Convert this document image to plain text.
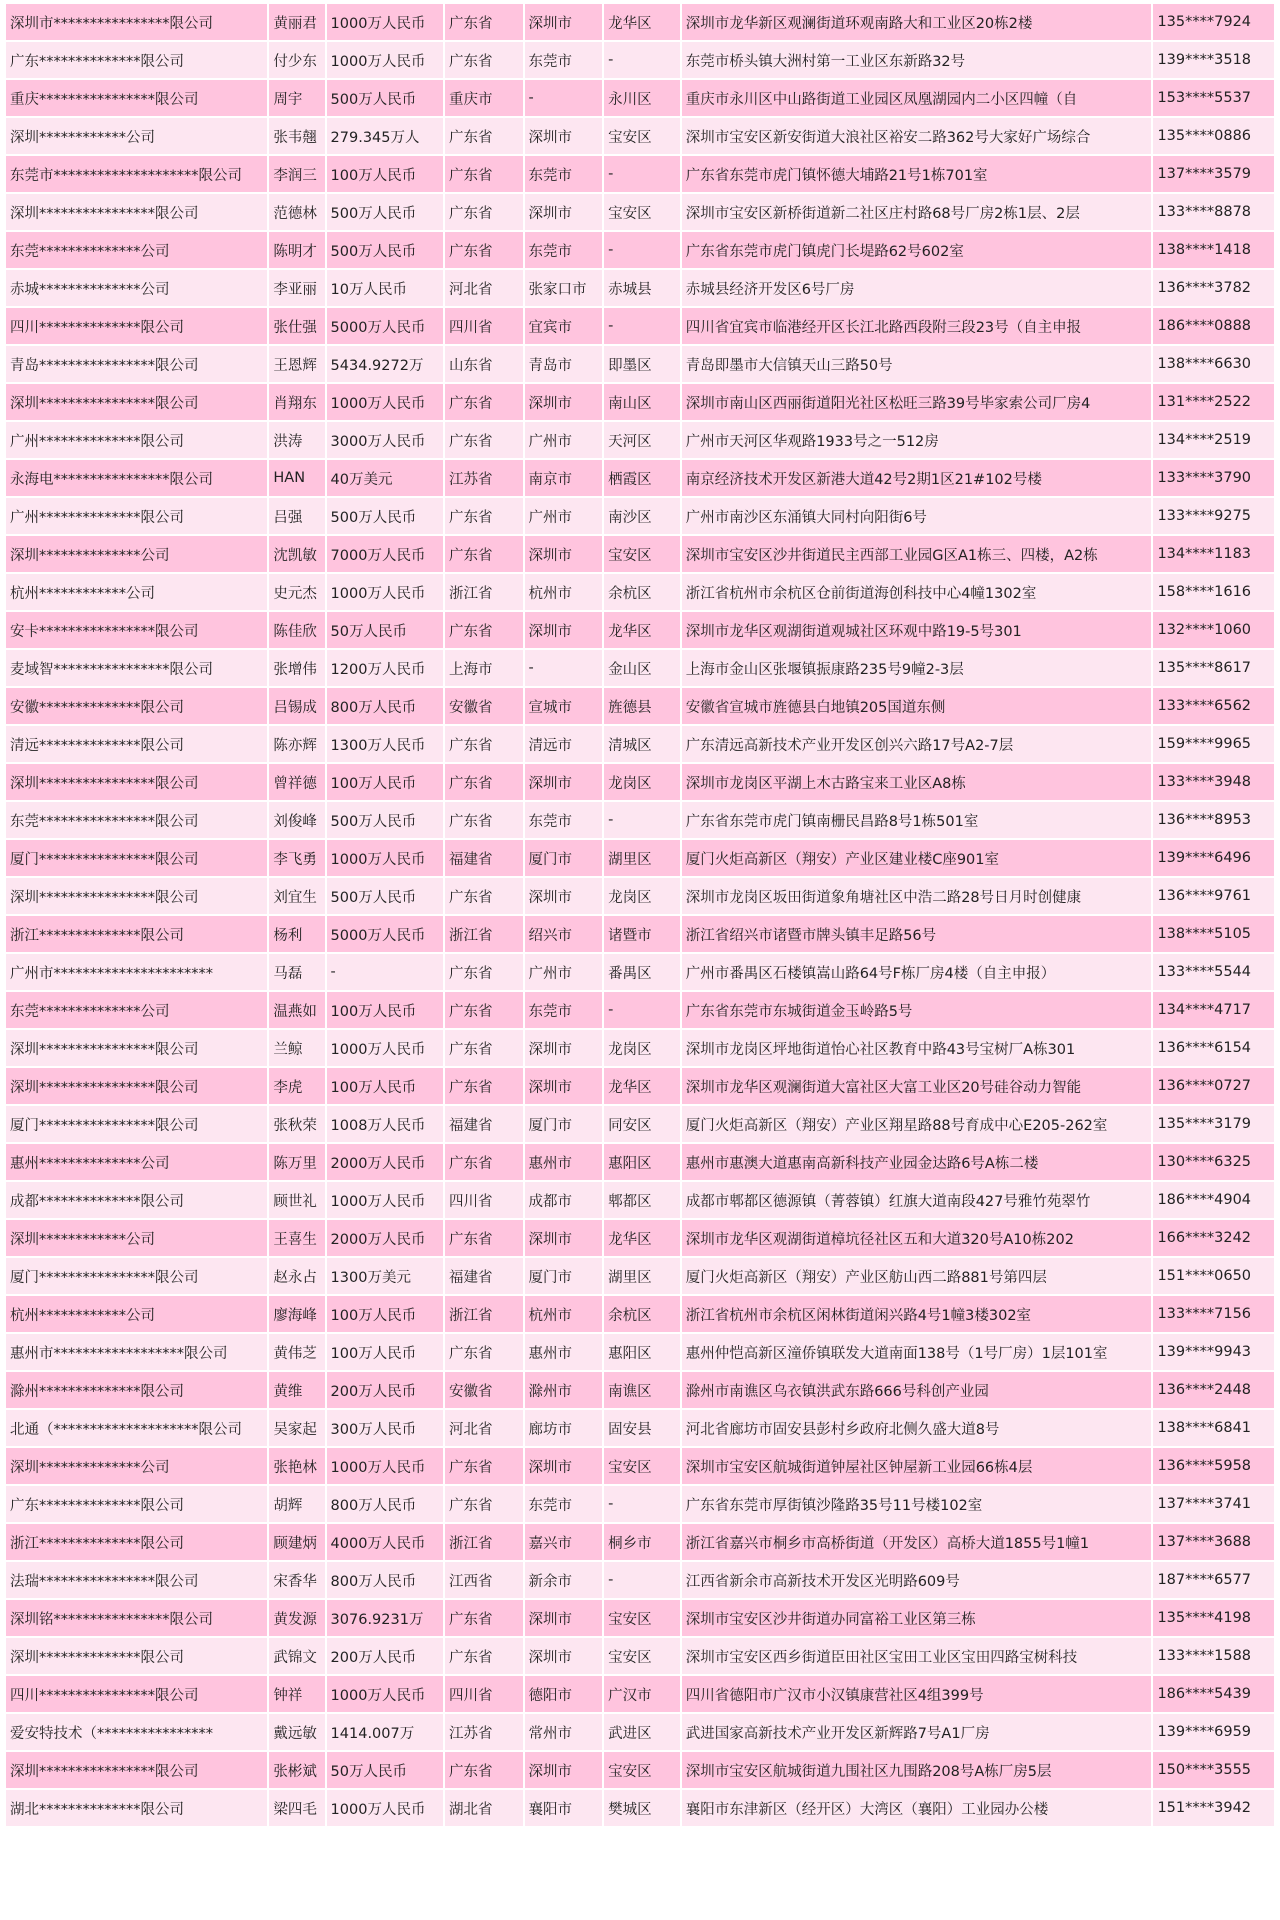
深圳市****************限公司	黄丽君	1000万人民币	广东省	深圳市	龙华区	深圳市龙华新区观澜街道环观南路大和工业区20栋2楼	135****7924
广东**************限公司	付少东	1000万人民币	广东省	东莞市	-	东莞市桥头镇大洲村第一工业区东新路32号	139****3518
重庆****************限公司	周宇	500万人民币	重庆市	-	永川区	重庆市永川区中山路街道工业园区凤凰湖园内二小区四幢（自	153****5537
深圳************公司	张韦翹	279.345万人	广东省	深圳市	宝安区	深圳市宝安区新安街道大浪社区裕安二路362号大家好广场综合	135****0886
东莞市********************限公司	李润三	100万人民币	广东省	东莞市	-	广东省东莞市虎门镇怀德大埔路21号1栋701室	137****3579
深圳****************限公司	范德林	500万人民币	广东省	深圳市	宝安区	深圳市宝安区新桥街道新二社区庄村路68号厂房2栋1层、2层	133****8878
东莞**************公司	陈明才	500万人民币	广东省	东莞市	-	广东省东莞市虎门镇虎门长堤路62号602室	138****1418
赤城**************公司	李亚丽	10万人民币	河北省	张家口市	赤城县	赤城县经济开发区6号厂房	136****3782
四川**************限公司	张仕强	5000万人民币	四川省	宜宾市	-	四川省宜宾市临港经开区长江北路西段附三段23号（自主申报	186****0888
青岛****************限公司	王恩辉	5434.9272万	山东省	青岛市	即墨区	青岛即墨市大信镇天山三路50号	138****6630
深圳****************限公司	肖翔东	1000万人民币	广东省	深圳市	南山区	深圳市南山区西丽街道阳光社区松旺三路39号毕家索公司厂房4	131****2522
广州**************限公司	洪涛	3000万人民币	广东省	广州市	天河区	广州市天河区华观路1933号之一512房	134****2519
永海电****************限公司	HAN	40万美元	江苏省	南京市	栖霞区	南京经济技术开发区新港大道42号2期1区21#102号楼	133****3790
广州**************限公司	吕强	500万人民币	广东省	广州市	南沙区	广州市南沙区东涌镇大同村向阳街6号	133****9275
深圳**************公司	沈凯敏	7000万人民币	广东省	深圳市	宝安区	深圳市宝安区沙井街道民主西部工业园G区A1栋三、四楼，A2栋	134****1183
杭州************公司	史元杰	1000万人民币	浙江省	杭州市	余杭区	浙江省杭州市余杭区仓前街道海创科技中心4幢1302室	158****1616
安卡****************限公司	陈佳欣	50万人民币	广东省	深圳市	龙华区	深圳市龙华区观湖街道观城社区环观中路19-5号301	132****1060
麦域智****************限公司	张增伟	1200万人民币	上海市	-	金山区	上海市金山区张堰镇振康路235号9幢2-3层	135****8617
安徽**************限公司	吕锡成	800万人民币	安徽省	宣城市	旌德县	安徽省宣城市旌德县白地镇205国道东侧	133****6562
清远**************限公司	陈亦辉	1300万人民币	广东省	清远市	清城区	广东清远高新技术产业开发区创兴六路17号A2-7层	159****9965
深圳****************限公司	曾祥德	100万人民币	广东省	深圳市	龙岗区	深圳市龙岗区平湖上木古路宝来工业区A8栋	133****3948
东莞****************限公司	刘俊峰	500万人民币	广东省	东莞市	-	广东省东莞市虎门镇南栅民昌路8号1栋501室	136****8953
厦门****************限公司	李飞勇	1000万人民币	福建省	厦门市	湖里区	厦门火炬高新区（翔安）产业区建业楼C座901室	139****6496
深圳****************限公司	刘宜生	500万人民币	广东省	深圳市	龙岗区	深圳市龙岗区坂田街道象角塘社区中浩二路28号日月时创健康	136****9761
浙江**************限公司	杨利	5000万人民币	浙江省	绍兴市	诸暨市	浙江省绍兴市诸暨市牌头镇丰足路56号	138****5105
广州市**********************	马磊	-	广东省	广州市	番禺区	广州市番禺区石楼镇嵩山路64号F栋厂房4楼（自主申报）	133****5544
东莞**************公司	温燕如	100万人民币	广东省	东莞市	-	广东省东莞市东城街道金玉岭路5号	134****4717
深圳****************限公司	兰鲸	1000万人民币	广东省	深圳市	龙岗区	深圳市龙岗区坪地街道怡心社区教育中路43号宝树厂A栋301	136****6154
深圳****************限公司	李虎	100万人民币	广东省	深圳市	龙华区	深圳市龙华区观澜街道大富社区大富工业区20号硅谷动力智能	136****0727
厦门****************限公司	张秋荣	1008万人民币	福建省	厦门市	同安区	厦门火炬高新区（翔安）产业区翔星路88号育成中心E205-262室	135****3179
惠州**************公司	陈万里	2000万人民币	广东省	惠州市	惠阳区	惠州市惠澳大道惠南高新科技产业园金达路6号A栋二楼	130****6325
成都**************限公司	顾世礼	1000万人民币	四川省	成都市	郫都区	成都市郫都区德源镇（菁蓉镇）红旗大道南段427号雅竹苑翠竹	186****4904
深圳************公司	王喜生	2000万人民币	广东省	深圳市	龙华区	深圳市龙华区观湖街道樟坑径社区五和大道320号A10栋202	166****3242
厦门****************限公司	赵永占	1300万美元	福建省	厦门市	湖里区	厦门火炬高新区（翔安）产业区舫山西二路881号第四层	151****0650
杭州************公司	廖海峰	100万人民币	浙江省	杭州市	余杭区	浙江省杭州市余杭区闲林街道闲兴路4号1幢3楼302室	133****7156
惠州市******************限公司	黄伟芝	100万人民币	广东省	惠州市	惠阳区	惠州仲恺高新区潼侨镇联发大道南面138号（1号厂房）1层101室	139****9943
滁州**************限公司	黄维	200万人民币	安徽省	滁州市	南谯区	滁州市南谯区乌衣镇洪武东路666号科创产业园	136****2448
北通（********************限公司	吴家起	300万人民币	河北省	廊坊市	固安县	河北省廊坊市固安县彭村乡政府北侧久盛大道8号	138****6841
深圳**************公司	张艳林	1000万人民币	广东省	深圳市	宝安区	深圳市宝安区航城街道钟屋社区钟屋新工业园66栋4层	136****5958
广东**************限公司	胡辉	800万人民币	广东省	东莞市	-	广东省东莞市厚街镇沙隆路35号11号楼102室	137****3741
浙江**************限公司	顾建炳	4000万人民币	浙江省	嘉兴市	桐乡市	浙江省嘉兴市桐乡市高桥街道（开发区）高桥大道1855号1幢1	137****3688
法瑞****************限公司	宋香华	800万人民币	江西省	新余市	-	江西省新余市高新技术开发区光明路609号	187****6577
深圳铭****************限公司	黄发源	3076.9231万	广东省	深圳市	宝安区	深圳市宝安区沙井街道办同富裕工业区第三栋	135****4198
深圳**************限公司	武锦文	200万人民币	广东省	深圳市	宝安区	深圳市宝安区西乡街道臣田社区宝田工业区宝田四路宝树科技	133****1588
四川****************限公司	钟祥	1000万人民币	四川省	德阳市	广汉市	四川省德阳市广汉市小汉镇康营社区4组399号	186****5439
爱安特技术（****************	戴远敏	1414.007万	江苏省	常州市	武进区	武进国家高新技术产业开发区新辉路7号A1厂房	139****6959
深圳****************限公司	张彬斌	50万人民币	广东省	深圳市	宝安区	深圳市宝安区航城街道九围社区九围路208号A栋厂房5层	150****3555
湖北**************限公司	梁四毛	1000万人民币	湖北省	襄阳市	樊城区	襄阳市东津新区（经开区）大湾区（襄阳）工业园办公楼	151****3942
